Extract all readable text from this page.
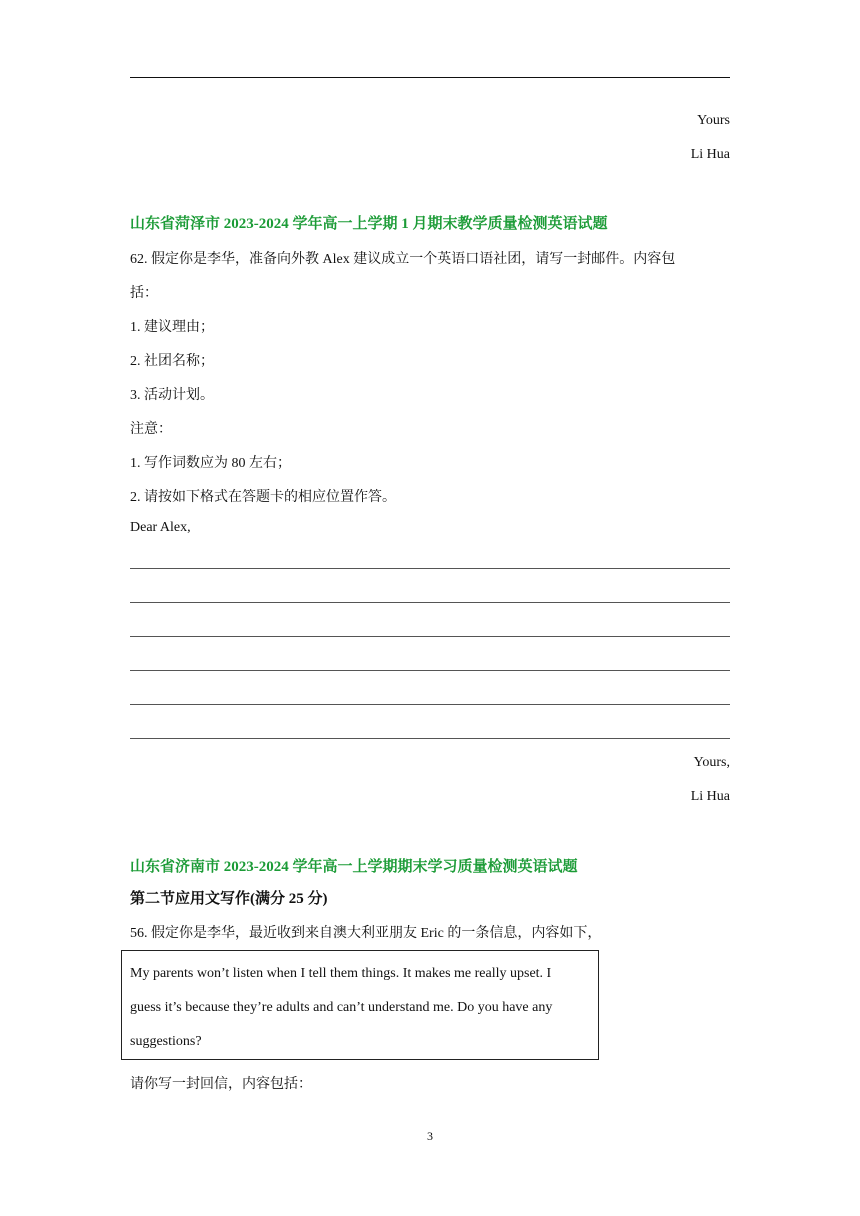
Yours
Li Hua
山东省菏泽市 2023-2024 学年高一上学期 1 月期末教学质量检测英语试题
62. 假定你是李华，准备向外教 Alex 建议成立一个英语口语社团，请写一封邮件。内容包
括：
1. 建议理由；
2. 社团名称；
3. 活动计划。
注意：
1. 写作词数应为 80 左右；
2. 请按如下格式在答题卡的相应位置作答。
Dear Alex,
Yours,
Li Hua
山东省济南市 2023-2024 学年高一上学期期末学习质量检测英语试题
第二节应用文写作(满分 25 分)
56. 假定你是李华，最近收到来自澳大利亚朋友 Eric 的一条信息，内容如下，
My parents won’t listen when I tell them things. It makes me really upset. I
guess it’s because they’re adults and can’t understand me. Do you have any
suggestions?
请你写一封回信，内容包括：
3
